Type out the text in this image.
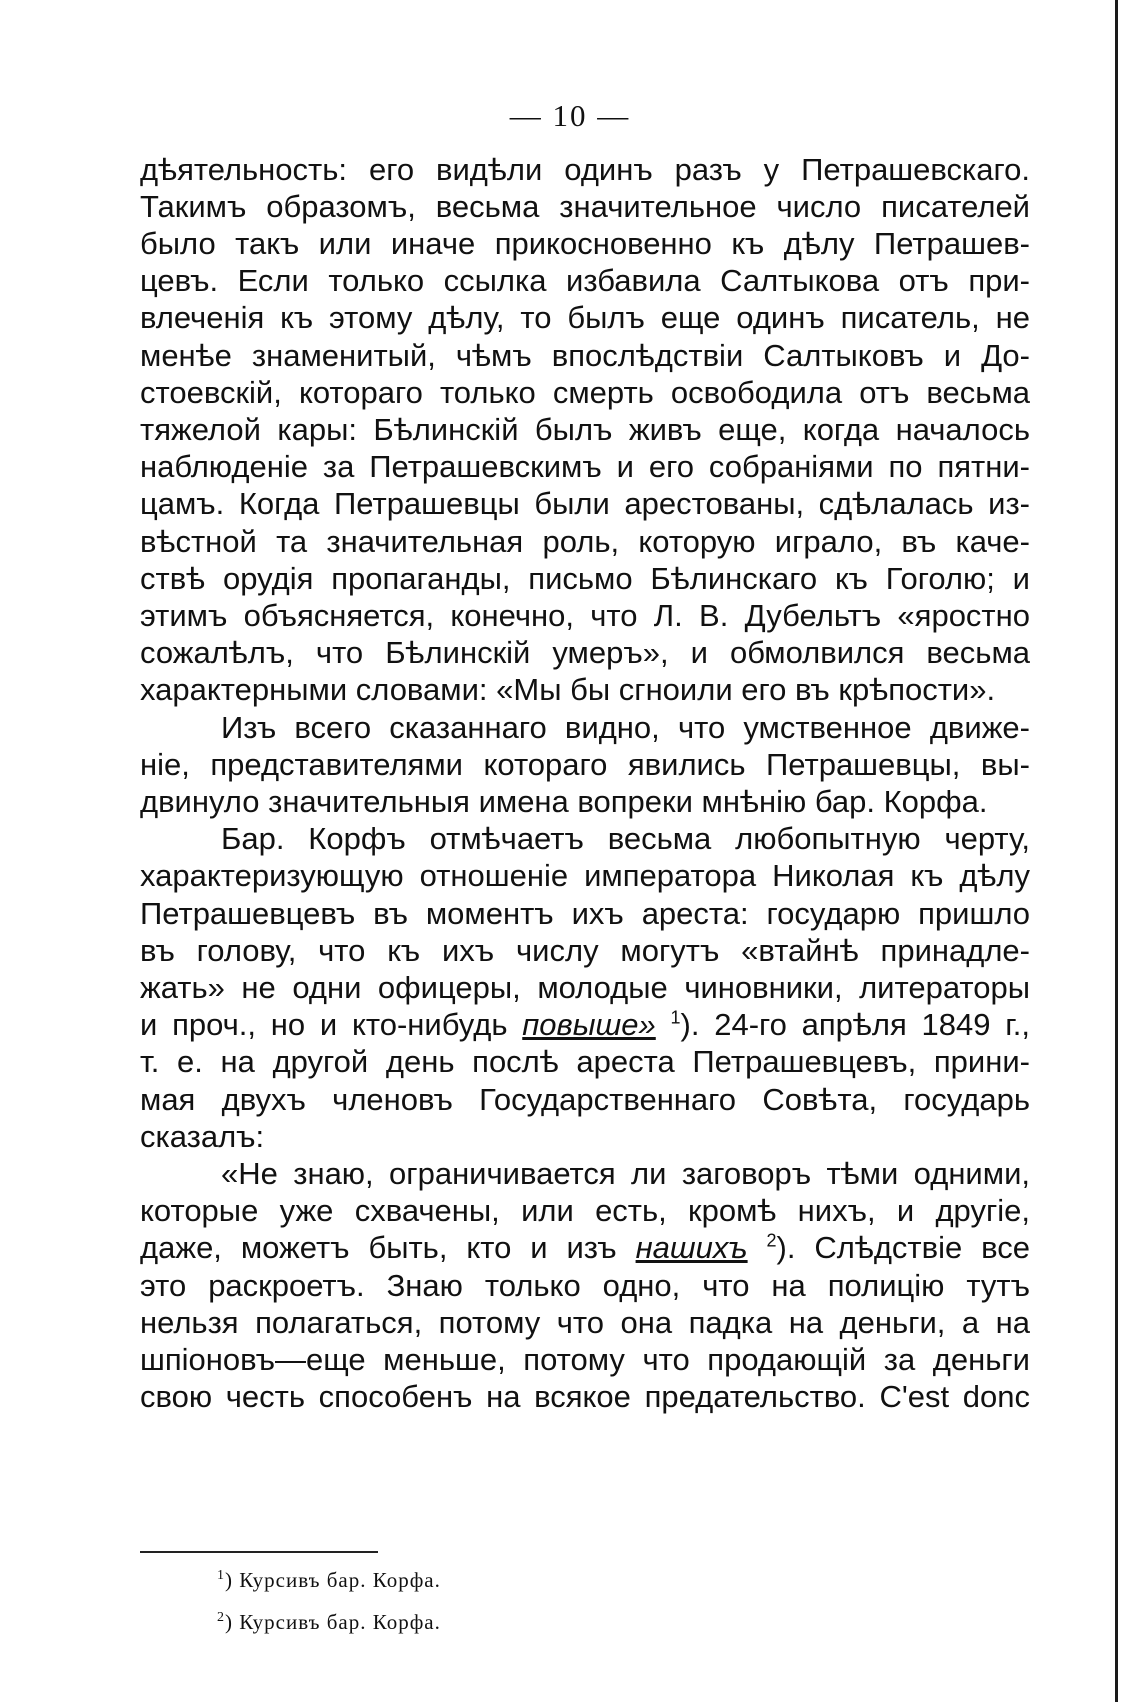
— 10 —
дѣятельность: его видѣли одинъ разъ у Петрашевскаго.
Такимъ образомъ, весьма значительное число писателей
было такъ или иначе прикосновенно къ дѣлу Петрашев-
цевъ. Если только ссылка избавила Салтыкова отъ при-
влеченія къ этому дѣлу, то былъ еще одинъ писатель, не
менѣе знаменитый, чѣмъ впослѣдствіи Салтыковъ и До-
стоевскій, котораго только смерть освободила отъ весьма
тяжелой кары: Бѣлинскій былъ живъ еще, когда началось
наблюденіе за Петрашевскимъ и его собраніями по пятни-
цамъ. Когда Петрашевцы были арестованы, сдѣлалась из-
вѣстной та значительная роль, которую играло, въ каче-
ствѣ орудія пропаганды, письмо Бѣлинскаго къ Гоголю; и
этимъ объясняется, конечно, что Л. В. Дубельтъ «яростно
сожалѣлъ, что Бѣлинскій умеръ», и обмолвился весьма
характерными словами: «Мы бы сгноили его въ крѣпости».
Изъ всего сказаннаго видно, что умственное движе-
ніе, представителями котораго явились Петрашевцы, вы-
двинуло значительныя имена вопреки мнѣнію бар. Корфа.
Бар. Корфъ отмѣчаетъ весьма любопытную черту,
характеризующую отношеніе императора Николая къ дѣлу
Петрашевцевъ въ моментъ ихъ ареста: государю пришло
въ голову, что къ ихъ числу могутъ «втайнѣ принадле-
жать» не одни офицеры, молодые чиновники, литераторы
и проч., но и кто-нибудь повыше» $^1$). 24-го апрѣля 1849 г.,
т. е. на другой день послѣ ареста Петрашевцевъ, прини-
мая двухъ членовъ Государственнаго Совѣта, государь
сказалъ:
«Не знаю, ограничивается ли заговоръ тѣми одними,
которые уже схвачены, или есть, кромѣ нихъ, и другіе,
даже, можетъ быть, кто и изъ нашихъ $^2$). Слѣдствіе все
это раскроетъ. Знаю только одно, что на полицію тутъ
нельзя полагаться, потому что она падка на деньги, а на
шпіоновъ—еще меньше, потому что продающій за деньги
свою честь способенъ на всякое предательство. C'est donc
$^1$) Курсивъ бар. Корфа.
$^2$) Курсивъ бар. Корфа.
